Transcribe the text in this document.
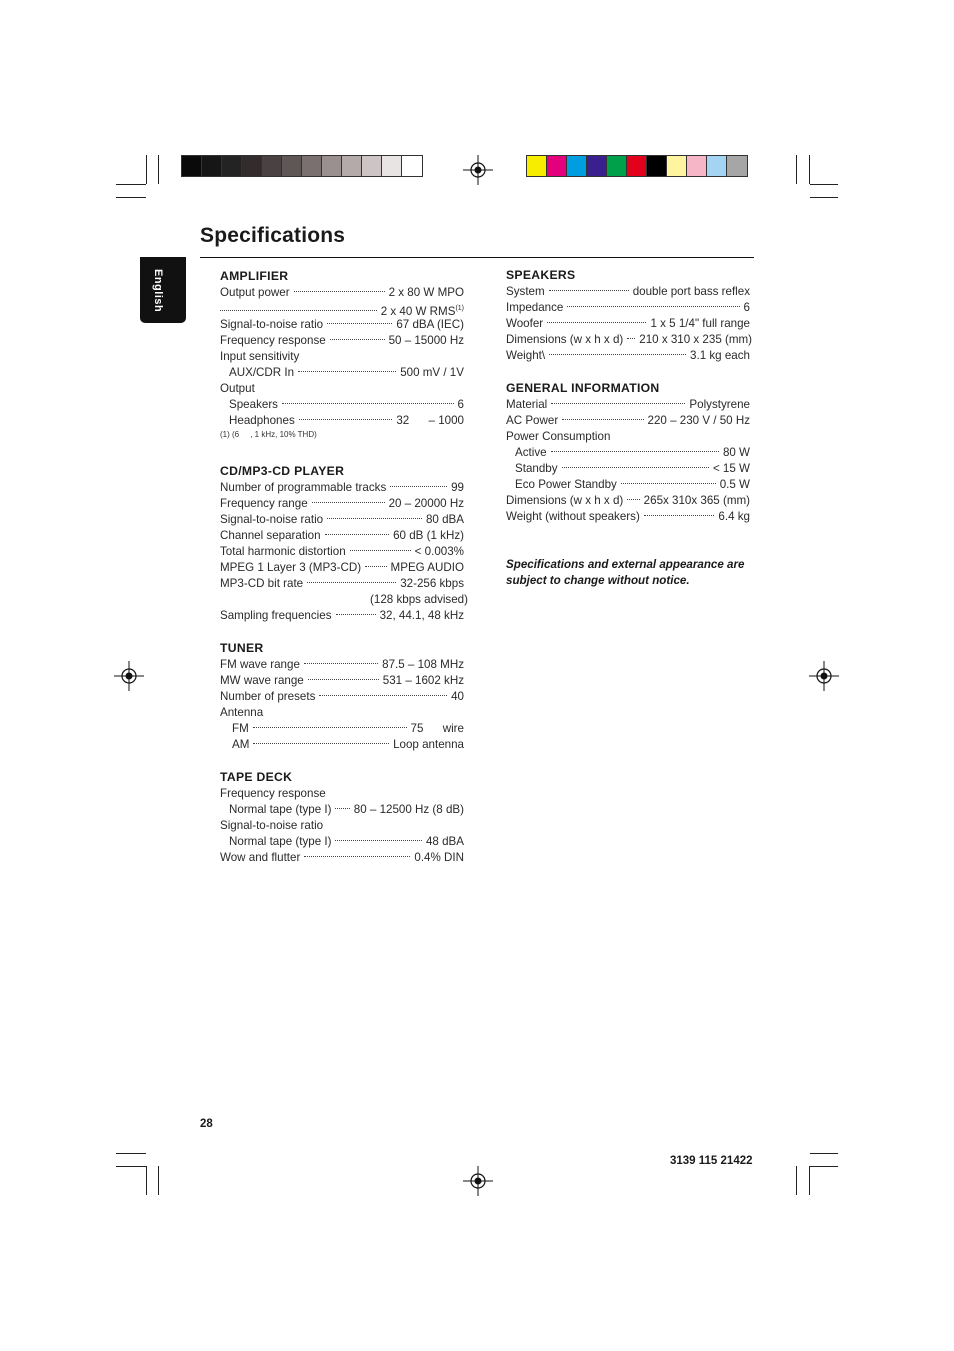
Specifications
English	AMPLIFIER
Output power	2 x 80 W MPO
2 x 40 W RMS$^{(1)}$
Signal-to-noise ratio	67 dBA (IEC)
Frequency response	50 – 15000 Hz
Input sensitivity
AUX/CDR In	500 mV / 1V
Output
Speakers	6
Headphones	32      – 1000
(1) (6     , 1 kHz, 10% THD)
CD/MP3-CD PLAYER
Number of programmable tracks	99
Frequency range	20 – 20000 Hz
Signal-to-noise ratio	80 dBA
Channel separation	60 dB (1 kHz)
Total harmonic distortion	< 0.003%
MPEG 1 Layer 3 (MP3-CD)	MPEG AUDIO
MP3-CD bit rate	32-256 kbps
(128 kbps advised)
Sampling frequencies	32, 44.1, 48 kHz
TUNER
FM wave range	87.5 – 108 MHz
MW wave range	531 – 1602 kHz
Number of presets	40
Antenna
FM	75      wire
AM	Loop antenna
TAPE DECK
Frequency response
Normal tape (type I) 80 – 12500 Hz (8 dB)
Signal-to-noise ratio
Normal tape (type I)	48 dBA
Wow and flutter	0.4% DIN
SPEAKERS
System	double port bass reflex
Impedance	6
Woofer	1 x 5 1/4" full range
Dimensions (w x h x d) 210 x 310 x 235 (mm)
Weight\	3.1 kg each
GENERAL INFORMATION
Material	Polystyrene
AC Power	220 – 230 V / 50 Hz
Power Consumption
Active	80 W
Standby	< 15 W
Eco Power Standby	0.5 W
Dimensions (w x h x d) 265x 310x 365 (mm)
Weight (without speakers)	6.4 kg
Specifications and external appearance are subject to change without notice.
28
3139 115 21422
